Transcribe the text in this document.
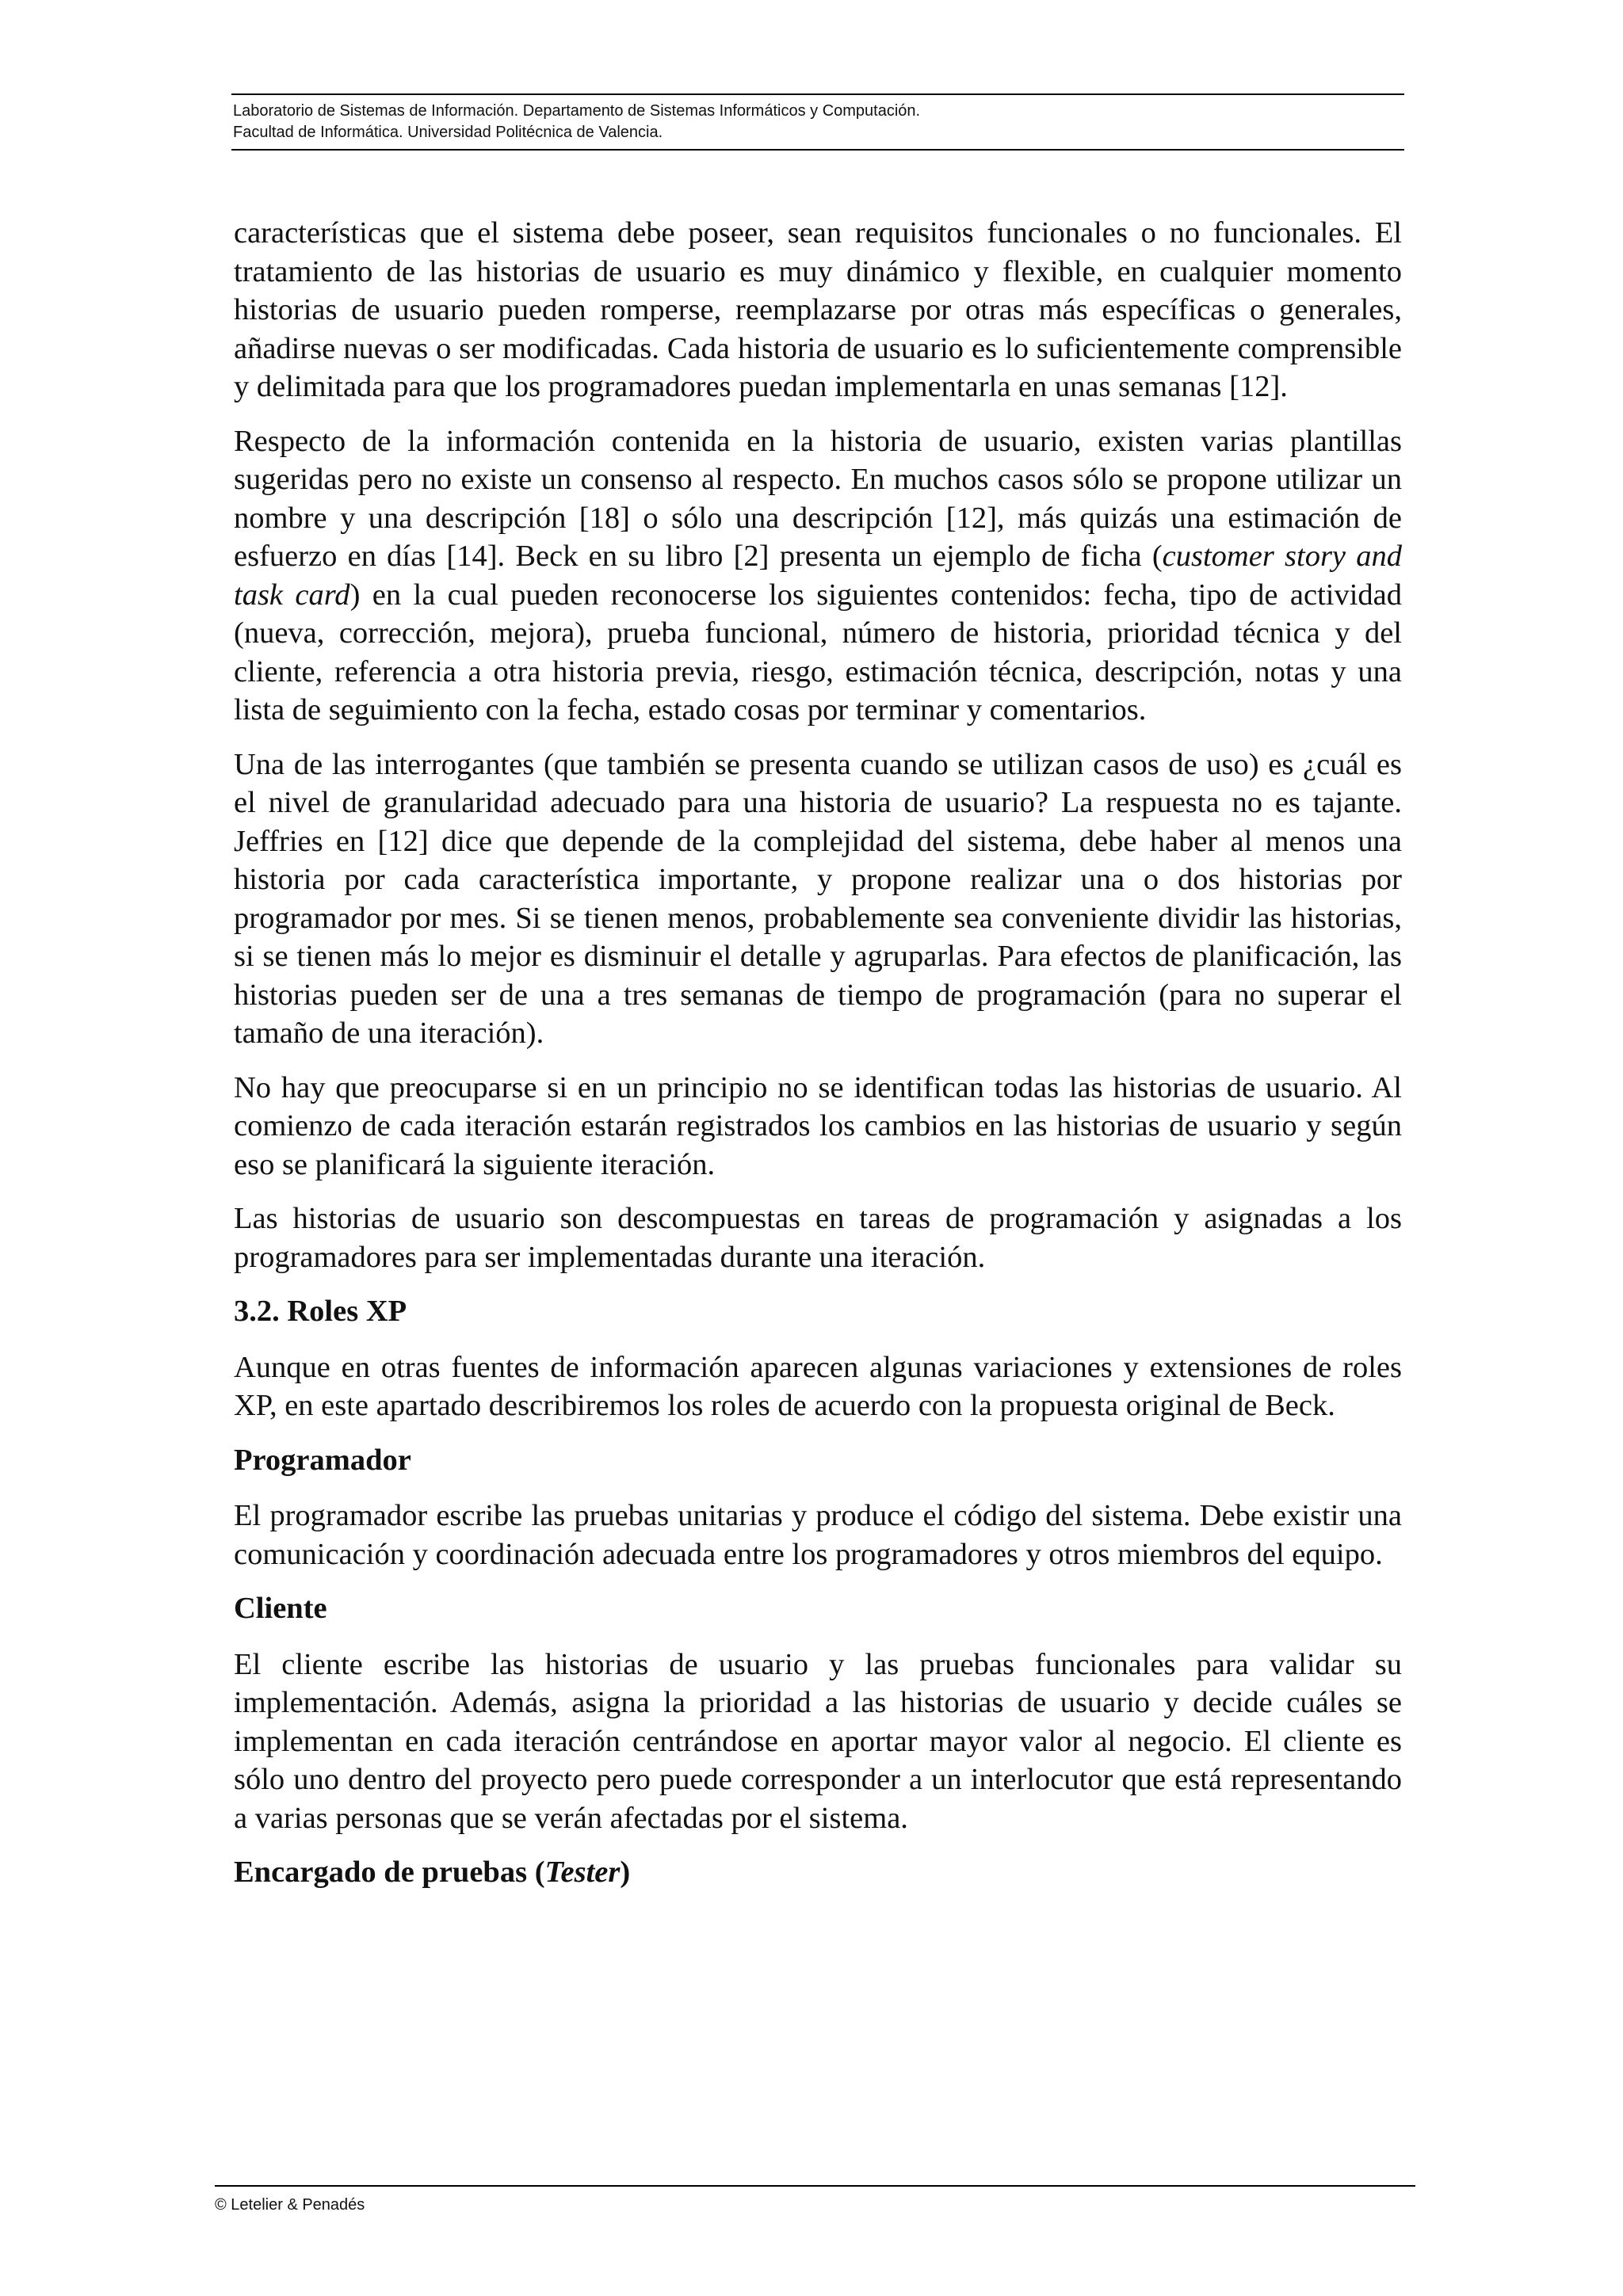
Laboratorio de Sistemas de Información. Departamento de Sistemas Informáticos y Computación.
Facultad de Informática. Universidad Politécnica de Valencia.

características que el sistema debe poseer, sean requisitos funcionales o no funcionales. El tratamiento de las historias de usuario es muy dinámico y flexible, en cualquier momento historias de usuario pueden romperse, reemplazarse por otras más específicas o generales, añadirse nuevas o ser modificadas. Cada historia de usuario es lo suficientemente comprensible y delimitada para que los programadores puedan implementarla en unas semanas [12].

Respecto de la información contenida en la historia de usuario, existen varias plantillas sugeridas pero no existe un consenso al respecto. En muchos casos sólo se propone utilizar un nombre y una descripción [18] o sólo una descripción [12], más quizás una estimación de esfuerzo en días [14]. Beck en su libro [2] presenta un ejemplo de ficha (customer story and task card) en la cual pueden reconocerse los siguientes contenidos: fecha, tipo de actividad (nueva, corrección, mejora), prueba funcional, número de historia, prioridad técnica y del cliente, referencia a otra historia previa, riesgo, estimación técnica, descripción, notas y una lista de seguimiento con la fecha, estado cosas por terminar y comentarios.

Una de las interrogantes (que también se presenta cuando se utilizan casos de uso) es ¿cuál es el nivel de granularidad adecuado para una historia de usuario? La respuesta no es tajante. Jeffries en [12] dice que depende de la complejidad del sistema, debe haber al menos una historia por cada característica importante, y propone realizar una o dos historias por programador por mes. Si se tienen menos, probablemente sea conveniente dividir las historias, si se tienen más lo mejor es disminuir el detalle y agruparlas. Para efectos de planificación, las historias pueden ser de una a tres semanas de tiempo de programación (para no superar el tamaño de una iteración).

No hay que preocuparse si en un principio no se identifican todas las historias de usuario. Al comienzo de cada iteración estarán registrados los cambios en las historias de usuario y según eso se planificará la siguiente iteración.

Las historias de usuario son descompuestas en tareas de programación y asignadas a los programadores para ser implementadas durante una iteración.

3.2. Roles XP

Aunque en otras fuentes de información aparecen algunas variaciones y extensiones de roles XP, en este apartado describiremos los roles de acuerdo con la propuesta original de Beck.

Programador

El programador escribe las pruebas unitarias y produce el código del sistema. Debe existir una comunicación y coordinación adecuada entre los programadores y otros miembros del equipo.

Cliente

El cliente escribe las historias de usuario y las pruebas funcionales para validar su implementación. Además, asigna la prioridad a las historias de usuario y decide cuáles se implementan en cada iteración centrándose en aportar mayor valor al negocio. El cliente es sólo uno dentro del proyecto pero puede corresponder a un interlocutor que está representando a varias personas que se verán afectadas por el sistema.

Encargado de pruebas (Tester)
© Letelier & Penadés
